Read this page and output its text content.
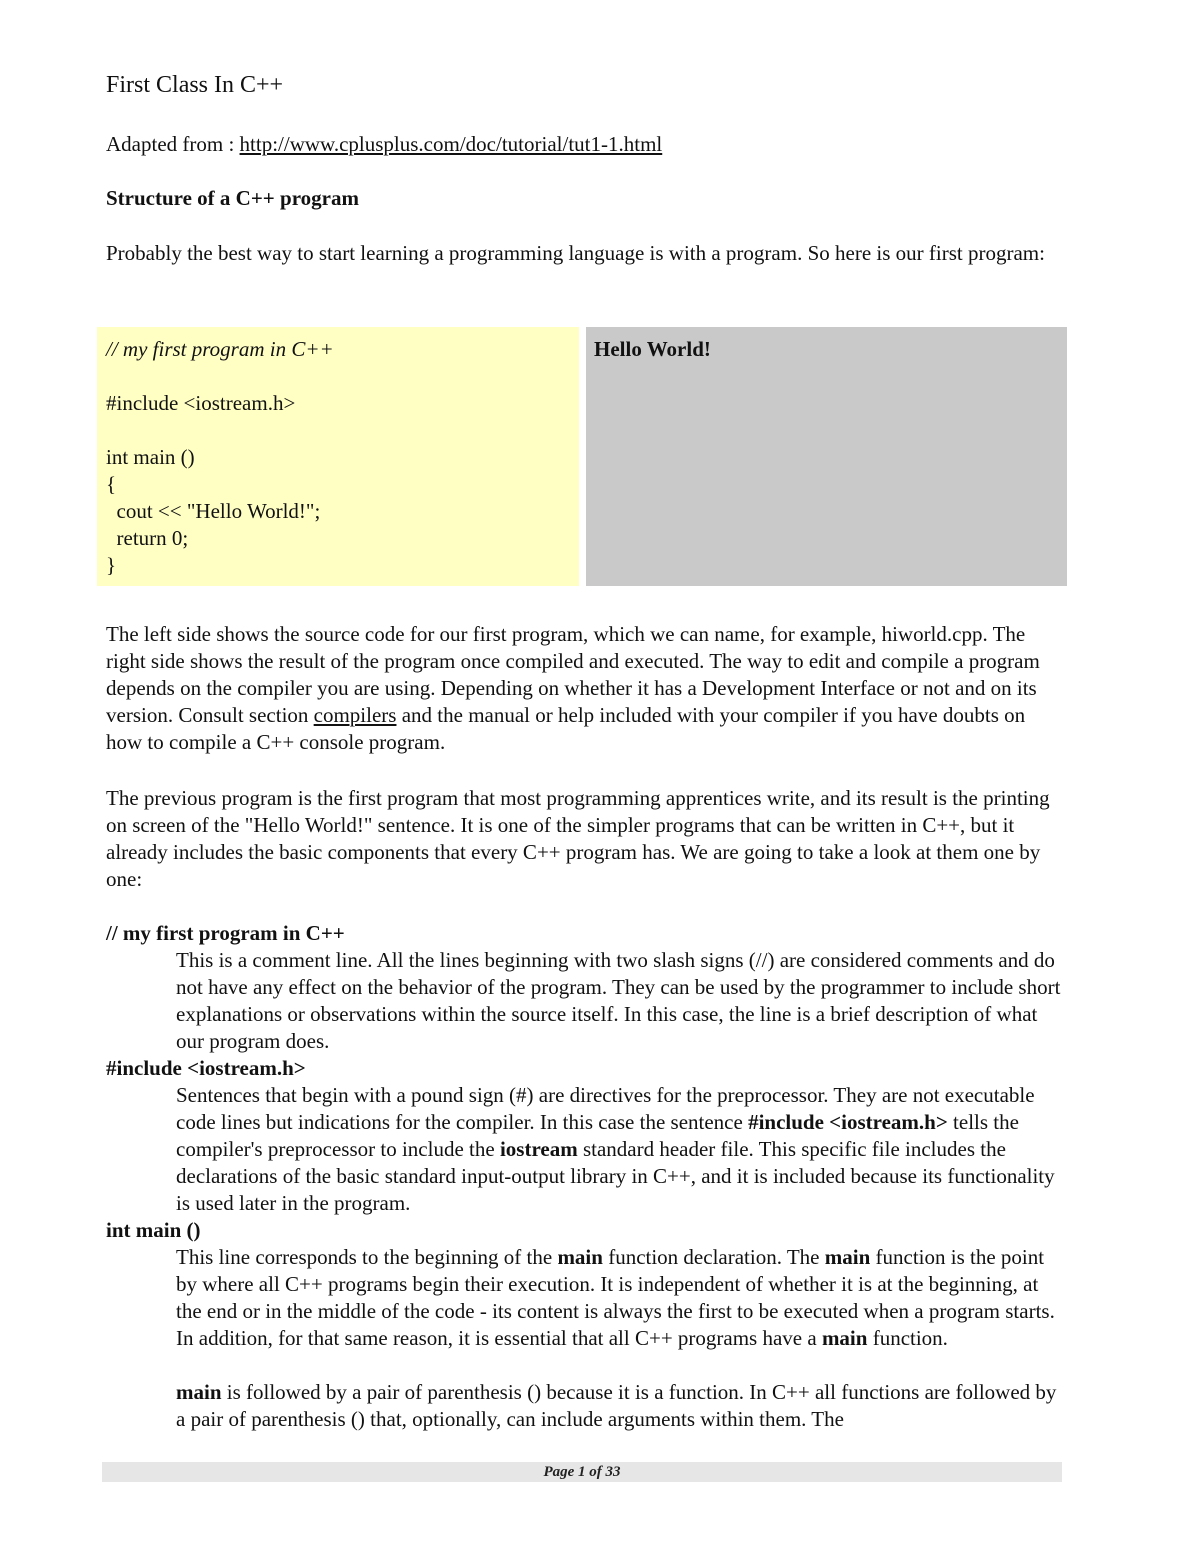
First Class In C++
Adapted from : http://www.cplusplus.com/doc/tutorial/tut1-1.html
Structure of a C++ program

Probably the best way to start learning a programming language is with a program. So here is our first program:

// my first program in C++

#include <iostream.h>

int main ()
{
cout << "Hello World!";
return 0;
}
Hello World!

The left side shows the source code for our first program, which we can name, for example, hiworld.cpp. The right side shows the result of the program once compiled and executed. The way to edit and compile a program depends on the compiler you are using. Depending on whether it has a Development Interface or not and on its version. Consult section compilers and the manual or help included with your compiler if you have doubts on how to compile a C++ console program.

The previous program is the first program that most programming apprentices write, and its result is the printing on screen of the "Hello World!" sentence. It is one of the simpler programs that can be written in C++, but it already includes the basic components that every C++ program has. We are going to take a look at them one by one:

// my first program in C++

This is a comment line. All the lines beginning with two slash signs (//) are considered comments and do not have any effect on the behavior of the program. They can be used by the programmer to include short explanations or observations within the source itself. In this case, the line is a brief description of what our program does.

#include <iostream.h>

Sentences that begin with a pound sign (#) are directives for the preprocessor. They are not executable code lines but indications for the compiler. In this case the sentence #include <iostream.h> tells the compiler's preprocessor to include the iostream standard header file. This specific file includes the declarations of the basic standard input-output library in C++, and it is included because its functionality is used later in the program.

int main ()

This line corresponds to the beginning of the main function declaration. The main function is the point by where all C++ programs begin their execution. It is independent of whether it is at the beginning, at the end or in the middle of the code - its content is always the first to be executed when a program starts. In addition, for that same reason, it is essential that all C++ programs have a main function.

main is followed by a pair of parenthesis () because it is a function. In C++ all functions are followed by a pair of parenthesis () that, optionally, can include arguments within them. The

Page 1 of 33
